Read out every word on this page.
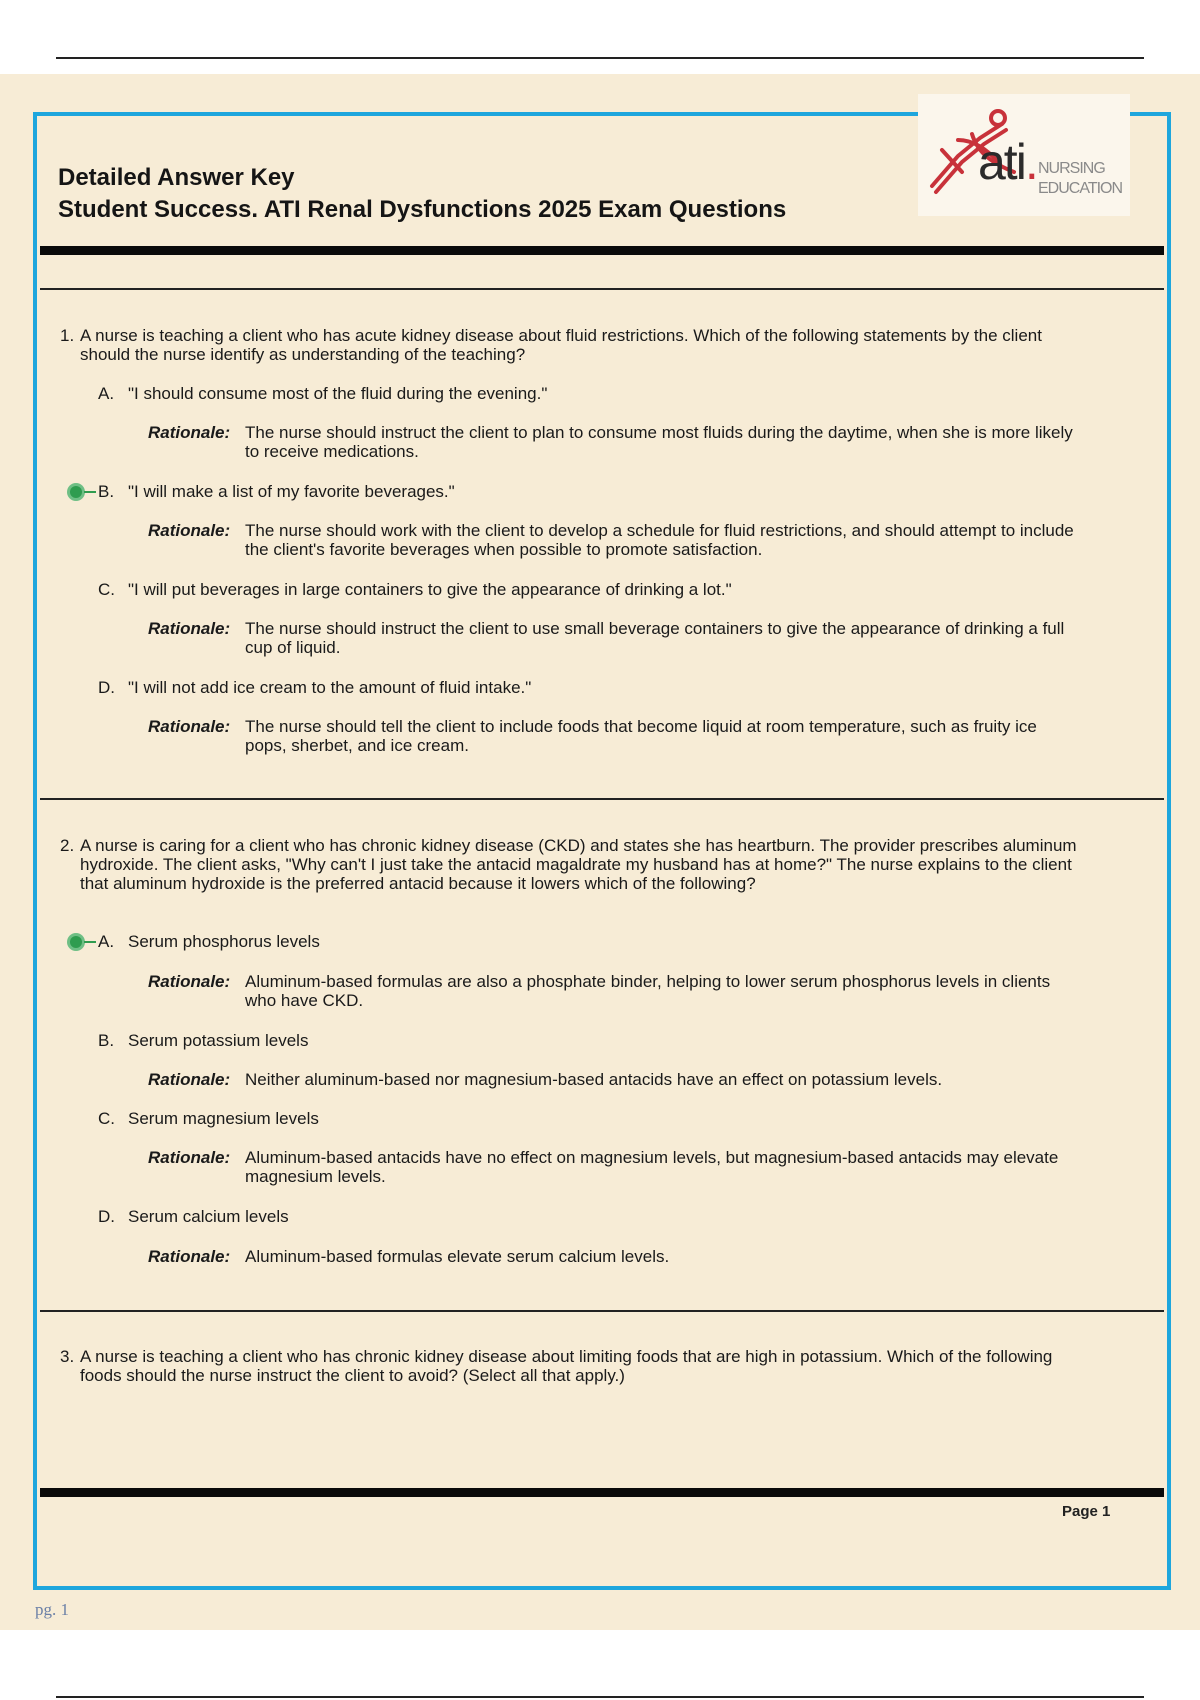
ati. NURSING
EDUCATION
Detailed Answer Key
Student Success. ATI Renal Dysfunctions 2025 Exam Questions
1. A nurse is teaching a client who has acute kidney disease about fluid restrictions. Which of the following statements by the client should the nurse identify as understanding of the teaching?
A. "I should consume most of the fluid during the evening."
Rationale: The nurse should instruct the client to plan to consume most fluids during the daytime, when she is more likely to receive medications.
B. "I will make a list of my favorite beverages."
Rationale: The nurse should work with the client to develop a schedule for fluid restrictions, and should attempt to include the client's favorite beverages when possible to promote satisfaction.
C. "I will put beverages in large containers to give the appearance of drinking a lot."
Rationale: The nurse should instruct the client to use small beverage containers to give the appearance of drinking a full cup of liquid.
D. "I will not add ice cream to the amount of fluid intake."
Rationale: The nurse should tell the client to include foods that become liquid at room temperature, such as fruity ice pops, sherbet, and ice cream.
2. A nurse is caring for a client who has chronic kidney disease (CKD) and states she has heartburn. The provider prescribes aluminum hydroxide. The client asks, "Why can't I just take the antacid magaldrate my husband has at home?" The nurse explains to the client that aluminum hydroxide is the preferred antacid because it lowers which of the following?
A. Serum phosphorus levels
Rationale: Aluminum-based formulas are also a phosphate binder, helping to lower serum phosphorus levels in clients who have CKD.
B. Serum potassium levels
Rationale: Neither aluminum-based nor magnesium-based antacids have an effect on potassium levels.
C. Serum magnesium levels
Rationale: Aluminum-based antacids have no effect on magnesium levels, but magnesium-based antacids may elevate magnesium levels.
D. Serum calcium levels
Rationale: Aluminum-based formulas elevate serum calcium levels.
3. A nurse is teaching a client who has chronic kidney disease about limiting foods that are high in potassium. Which of the following foods should the nurse instruct the client to avoid? (Select all that apply.)
Page 1
pg. 1
